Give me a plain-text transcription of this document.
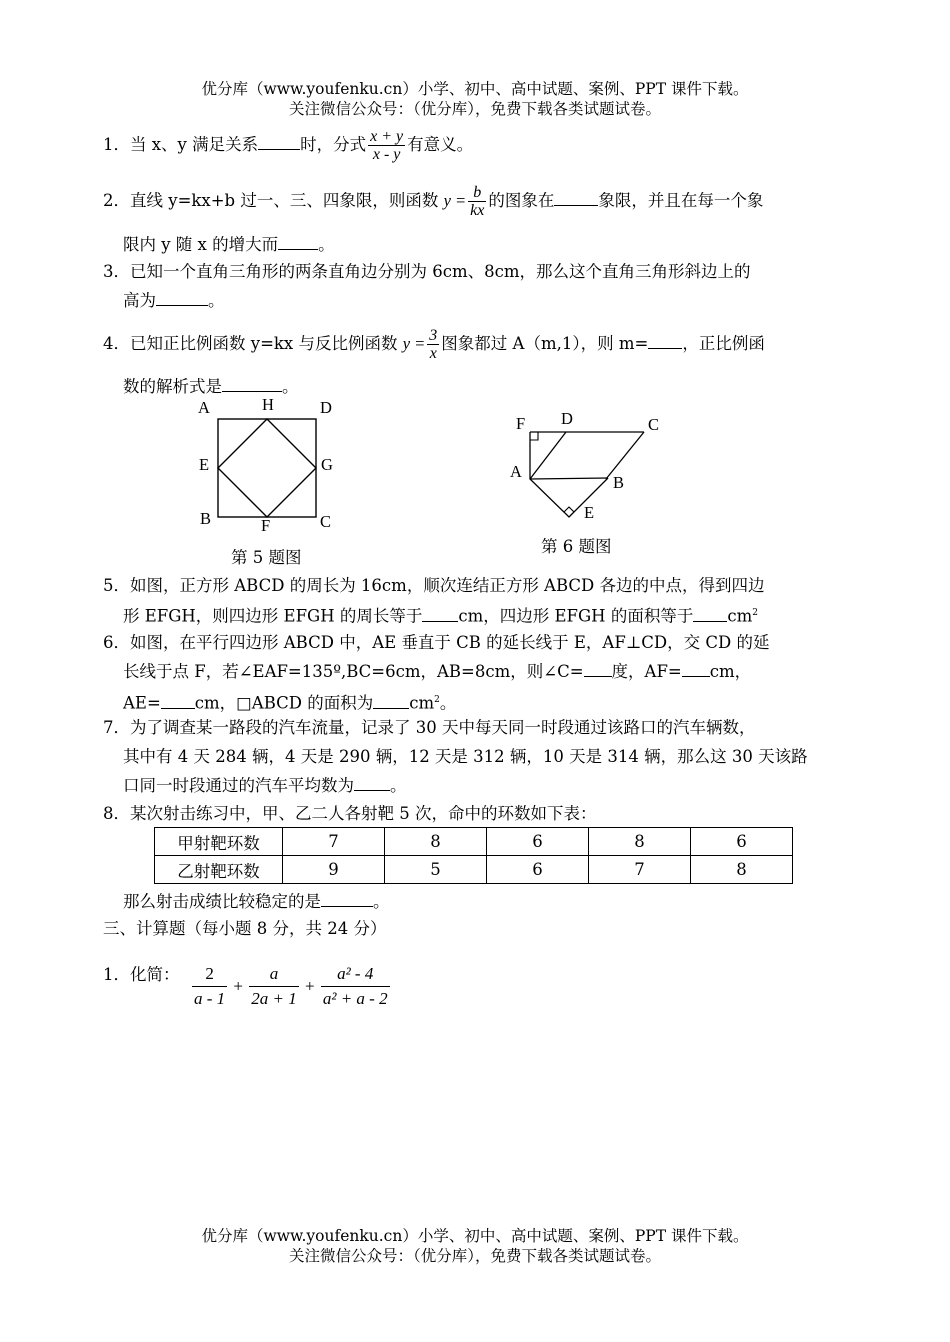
优分库（www.youfenku.cn）小学、初中、高中试题、案例、PPT 课件下载。
关注微信公众号：（优分库），免费下载各类试题试卷。
1．当 x、y 满足关系	时，分式 $\frac{x + y}{x - y}$ 有意义。
2．直线 y=kx+b 过一、三、四象限，则函数 $y = \frac{b}{kx}$ 的图象在	象限，并且在每一个象
限内 y 随 x 的增大而 。
3．已知一个直角三角形的两条直角边分别为 6cm、8cm，那么这个直角三角形斜边上的
高为	。
4．已知正比例函数 y=kx 与反比例函数 $y = \frac{3}{x}$ 图象都过 A（m,1），则 m= ，正比例函
数的解析式是	。
A	H	D
E	G
B	F	C
第 5 题图
F D	C
A
B
E
第 6 题图
5．如图，正方形 ABCD 的周长为 16cm，顺次连结正方形 ABCD 各边的中点，得到四边
形 EFGH，则四边形 EFGH 的周长等于 cm，四边形 EFGH 的面积等于 $cm^2$
6．如图，在平行四边形 ABCD 中，AE 垂直于 CB 的延长线于 E，AF⊥CD，交 CD 的延
长线于点 F，若∠EAF=135º,BC=6cm，AB=8cm，则∠C= 度，AF= cm，
AE= cm，□ABCD 的面积为 $cm^2$。
7．为了调查某一路段的汽车流量，记录了 30 天中每天同一时段通过该路口的汽车辆数，
其中有 4 天 284 辆，4 天是 290 辆，12 天是 312 辆，10 天是 314 辆，那么这 30 天该路
口同一时段通过的汽车平均数为 。
8．某次射击练习中，甲、乙二人各射靶 5 次，命中的环数如下表：
甲射靶环数	7	8	6	8	6
乙射靶环数	9	5	6	7	8
那么射击成绩比较稳定的是	。
三、计算题（每小题 8 分，共 24 分）
1．化简： $\frac{2}{a - 1} + \frac{a}{2a + 1} + \frac{\text{a² - 4}}{\text{a² + a - 2}}$
优分库（www.youfenku.cn）小学、初中、高中试题、案例、PPT 课件下载。
关注微信公众号：（优分库），免费下载各类试题试卷。
